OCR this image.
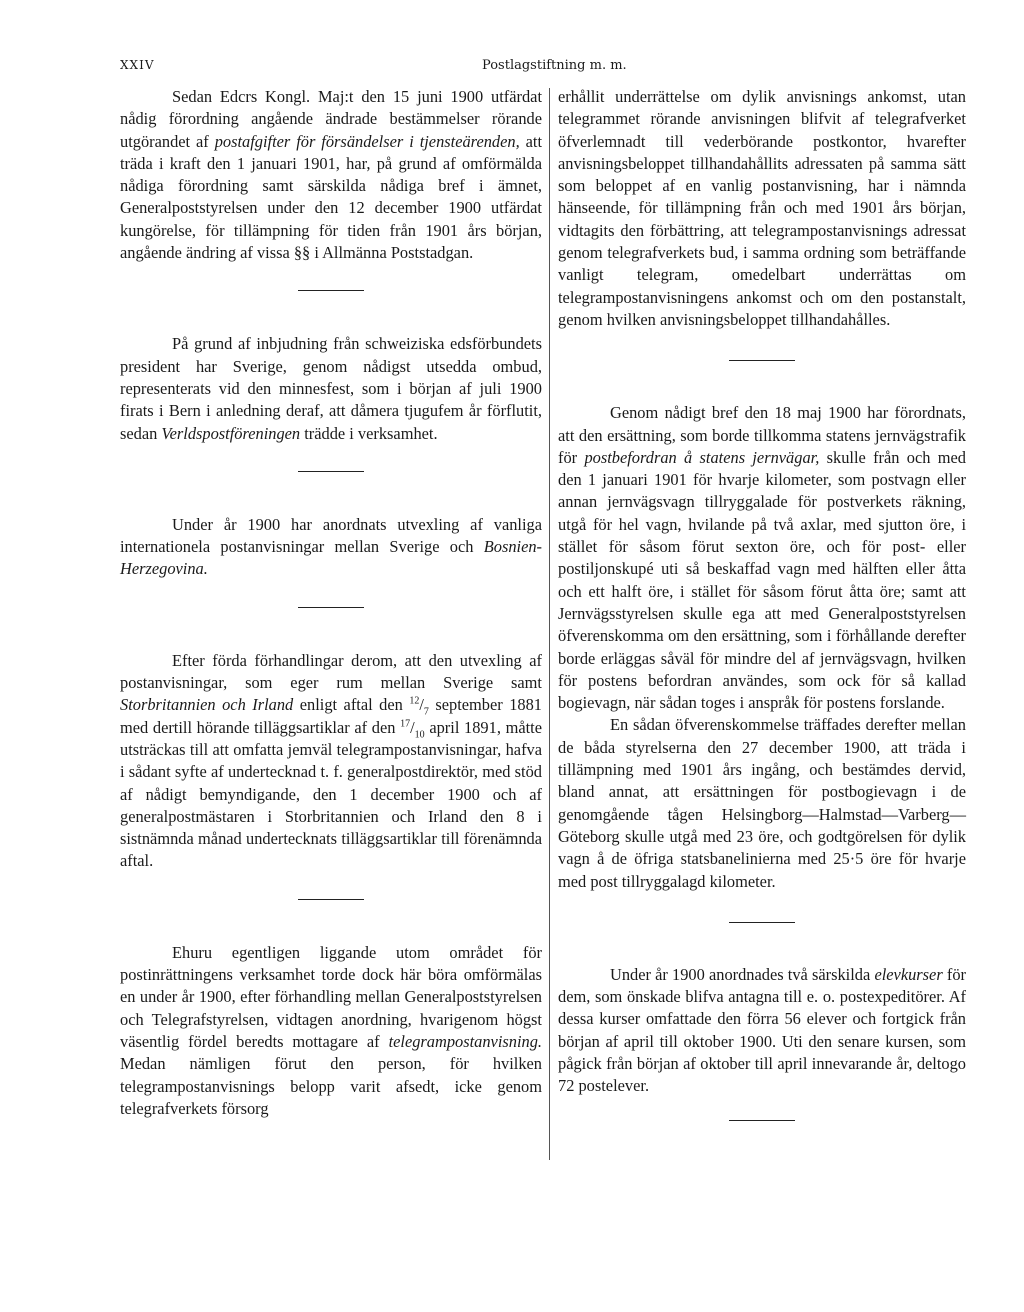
XXIV	Postlagstiftning m. m.

Sedan Edcrs Kongl. Maj:t den 15 juni 1900 utfärdat nådig förordning angående ändrade bestämmelser rörande utgörandet af postafgifter för försändelser i tjensteärenden, att träda i kraft den 1 januari 1901, har, på grund af omförmälda nådiga förordning samt särskilda nådiga bref i ämnet, Generalpoststyrelsen under den 12 december 1900 utfärdat kungörelse, för tillämpning för tiden från 1901 års början, angående ändring af vissa §§ i Allmänna Poststadgan.

På grund af inbjudning från schweiziska edsförbundets president har Sverige, genom nådigst utsedda ombud, representerats vid den minnesfest, som i början af juli 1900 firats i Bern i anledning deraf, att dåmera tjugufem år förflutit, sedan Verldspostföreningen trädde i verksamhet.

Under år 1900 har anordnats utvexling af vanliga internationela postanvisningar mellan Sverige och Bosnien-Herzegovina.

Efter förda förhandlingar derom, att den utvexling af postanvisningar, som eger rum mellan Sverige samt Storbritannien och Irland enligt aftal den $^{12}/_7$ september 1881 med dertill hörande tilläggsartiklar af den $^{17}/_{10}$ april 1891, måtte utsträckas till att omfatta jemväl telegrampostanvisningar, hafva i sådant syfte af undertecknad t. f. generalpostdirektör, med stöd af nådigt bemyndigande, den 1 december 1900 och af generalpostmästaren i Storbritannien och Irland den 8 i sistnämnda månad undertecknats tilläggsartiklar till förenämnda aftal.

Ehuru egentligen liggande utom området för postinrättningens verksamhet torde dock här böra omförmälas en under år 1900, efter förhandling mellan Generalpoststyrelsen och Telegrafstyrelsen, vidtagen anordning, hvarigenom högst väsentlig fördel beredts mottagare af telegrampostanvisning. Medan nämligen förut den person, för hvilken telegrampostanvisnings belopp varit afsedt, icke genom telegrafverkets försorg

erhållit underrättelse om dylik anvisnings ankomst, utan telegrammet rörande anvisningen blifvit af telegrafverket öfverlemnadt till vederbörande postkontor, hvarefter anvisningsbeloppet tillhandahållits adressaten på samma sätt som beloppet af en vanlig postanvisning, har i nämnda hänseende, för tillämpning från och med 1901 års början, vidtagits den förbättring, att telegrampostanvisnings adressat genom telegrafverkets bud, i samma ordning som beträffande vanligt telegram, omedelbart underrättas om telegrampostanvisningens ankomst och om den postanstalt, genom hvilken anvisningsbeloppet tillhandahålles.

Genom nådigt bref den 18 maj 1900 har förordnats, att den ersättning, som borde tillkomma statens jernvägstrafik för postbefordran å statens jernvägar, skulle från och med den 1 januari 1901 för hvarje kilometer, som postvagn eller annan jernvägsvagn tillryggalade för postverkets räkning, utgå för hel vagn, hvilande på två axlar, med sjutton öre, i stället för såsom förut sexton öre, och för post- eller postiljonskupé uti så beskaffad vagn med hälften eller åtta och ett halft öre, i stället för såsom förut åtta öre; samt att Jernvägsstyrelsen skulle ega att med Generalpoststyrelsen öfverenskomma om den ersättning, som i förhållande derefter borde erläggas såväl för mindre del af jernvägsvagn, hvilken för postens befordran användes, som ock för så kallad bogievagn, när sådan toges i anspråk för postens forslande.

En sådan öfverenskommelse träffades derefter mellan de båda styrelserna den 27 december 1900, att träda i tillämpning med 1901 års ingång, och bestämdes dervid, bland annat, att ersättningen för postbogievagn i de genomgående tågen Helsingborg—Halmstad—Varberg—Göteborg skulle utgå med 23 öre, och godtgörelsen för dylik vagn å de öfriga statsbanelinierna med 25·5 öre för hvarje med post tillryggalagd kilometer.

Under år 1900 anordnades två särskilda elevkurser för dem, som önskade blifva antagna till e. o. postexpeditörer. Af dessa kurser omfattade den förra 56 elever och fortgick från början af april till oktober 1900. Uti den senare kursen, som pågick från början af oktober till april innevarande år, deltogo 72 postelever.
